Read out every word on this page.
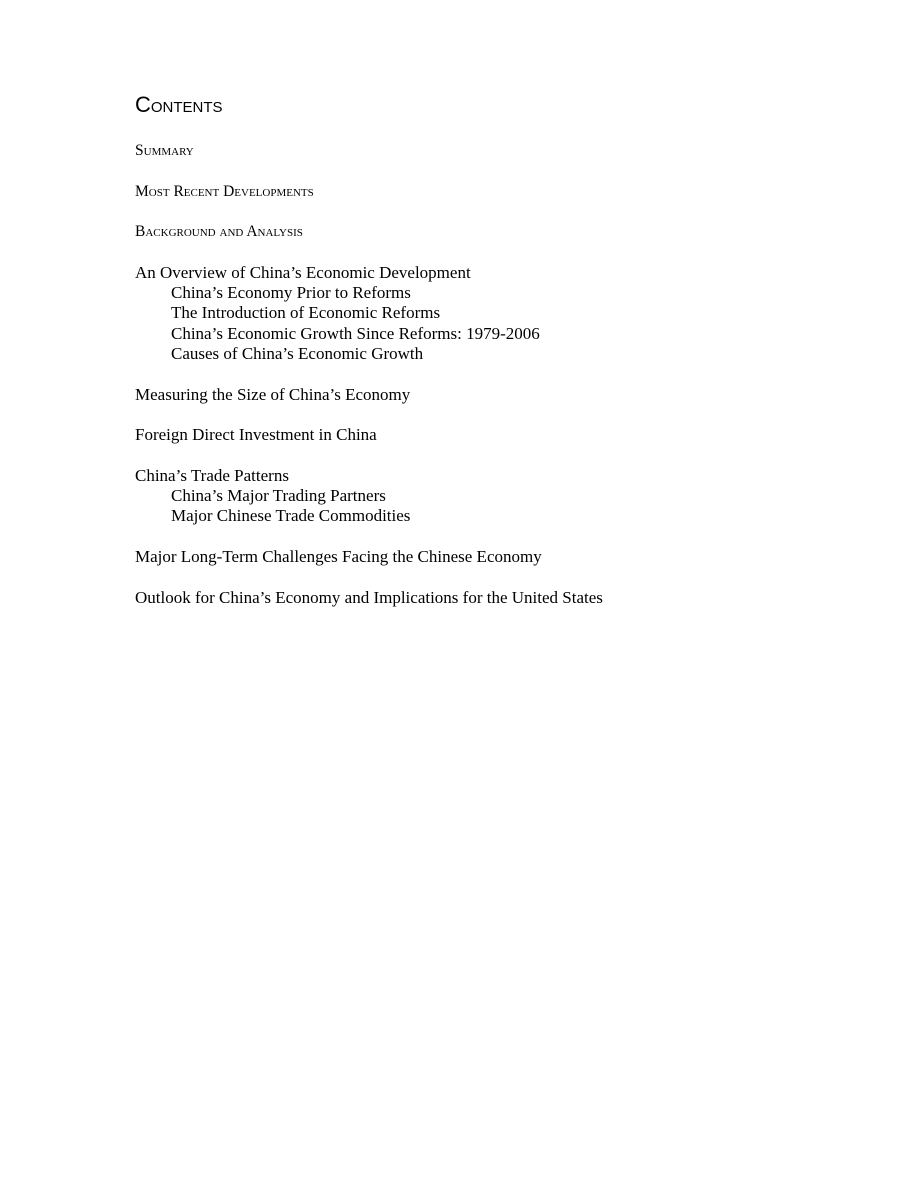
Contents
Summary
Most Recent Developments
Background and Analysis
An Overview of China’s Economic Development
China’s Economy Prior to Reforms
The Introduction of Economic Reforms
China’s Economic Growth Since Reforms: 1979-2006
Causes of China’s Economic Growth
Measuring the Size of China’s Economy
Foreign Direct Investment in China
China’s Trade Patterns
China’s Major Trading Partners
Major Chinese Trade Commodities
Major Long-Term Challenges Facing the Chinese Economy
Outlook for China’s Economy and Implications for the United States
